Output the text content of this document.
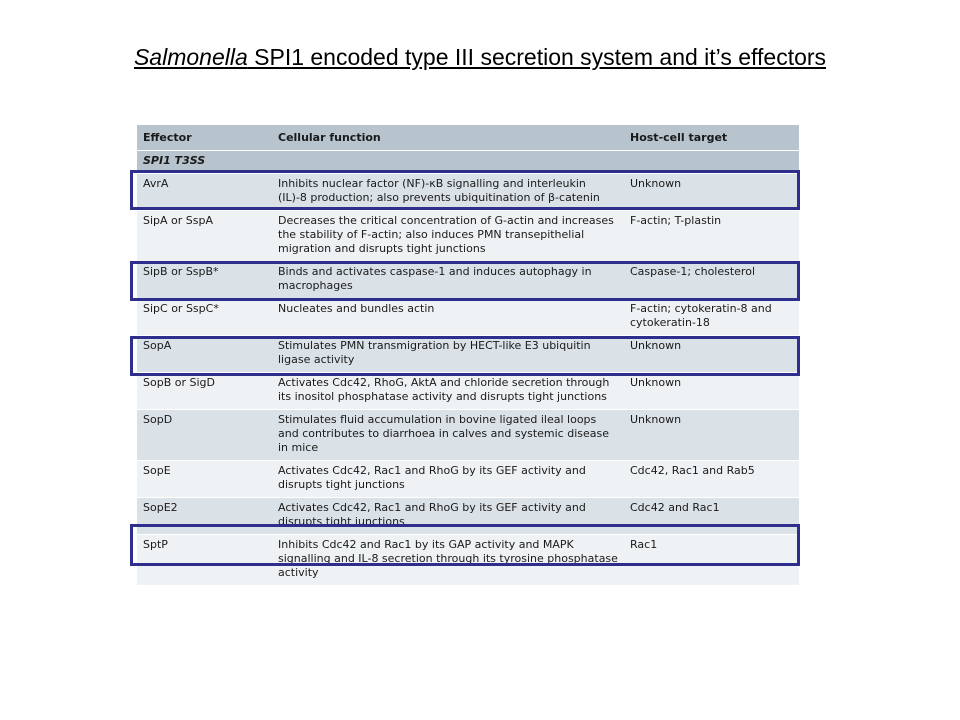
Salmonella SPI1 encoded type III secretion system and it’s effectors
Effector	Cellular function	Host-cell target
SPI1 T3SS		
AvrA	Inhibits nuclear factor (NF)-κB signalling and interleukin (IL)-8 production; also prevents ubiquitination of β-catenin	Unknown
SipA or SspA	Decreases the critical concentration of G-actin and increases the stability of F-actin; also induces PMN transepithelial migration and disrupts tight junctions	F-actin; T-plastin
SipB or SspB*	Binds and activates caspase-1 and induces autophagy in macrophages	Caspase-1; cholesterol
SipC or SspC*	Nucleates and bundles actin	F-actin; cytokeratin-8 and cytokeratin-18
SopA	Stimulates PMN transmigration by HECT-like E3 ubiquitin ligase activity	Unknown
SopB or SigD	Activates Cdc42, RhoG, AktA and chloride secretion through its inositol phosphatase activity and disrupts tight junctions	Unknown
SopD	Stimulates fluid accumulation in bovine ligated ileal loops and contributes to diarrhoea in calves and systemic disease in mice	Unknown
SopE	Activates Cdc42, Rac1 and RhoG by its GEF activity and disrupts tight junctions	Cdc42, Rac1 and Rab5
SopE2	Activates Cdc42, Rac1 and RhoG by its GEF activity and disrupts tight junctions	Cdc42 and Rac1
SptP	Inhibits Cdc42 and Rac1 by its GAP activity and MAPK signalling and IL-8 secretion through its tyrosine phosphatase activity	Rac1
